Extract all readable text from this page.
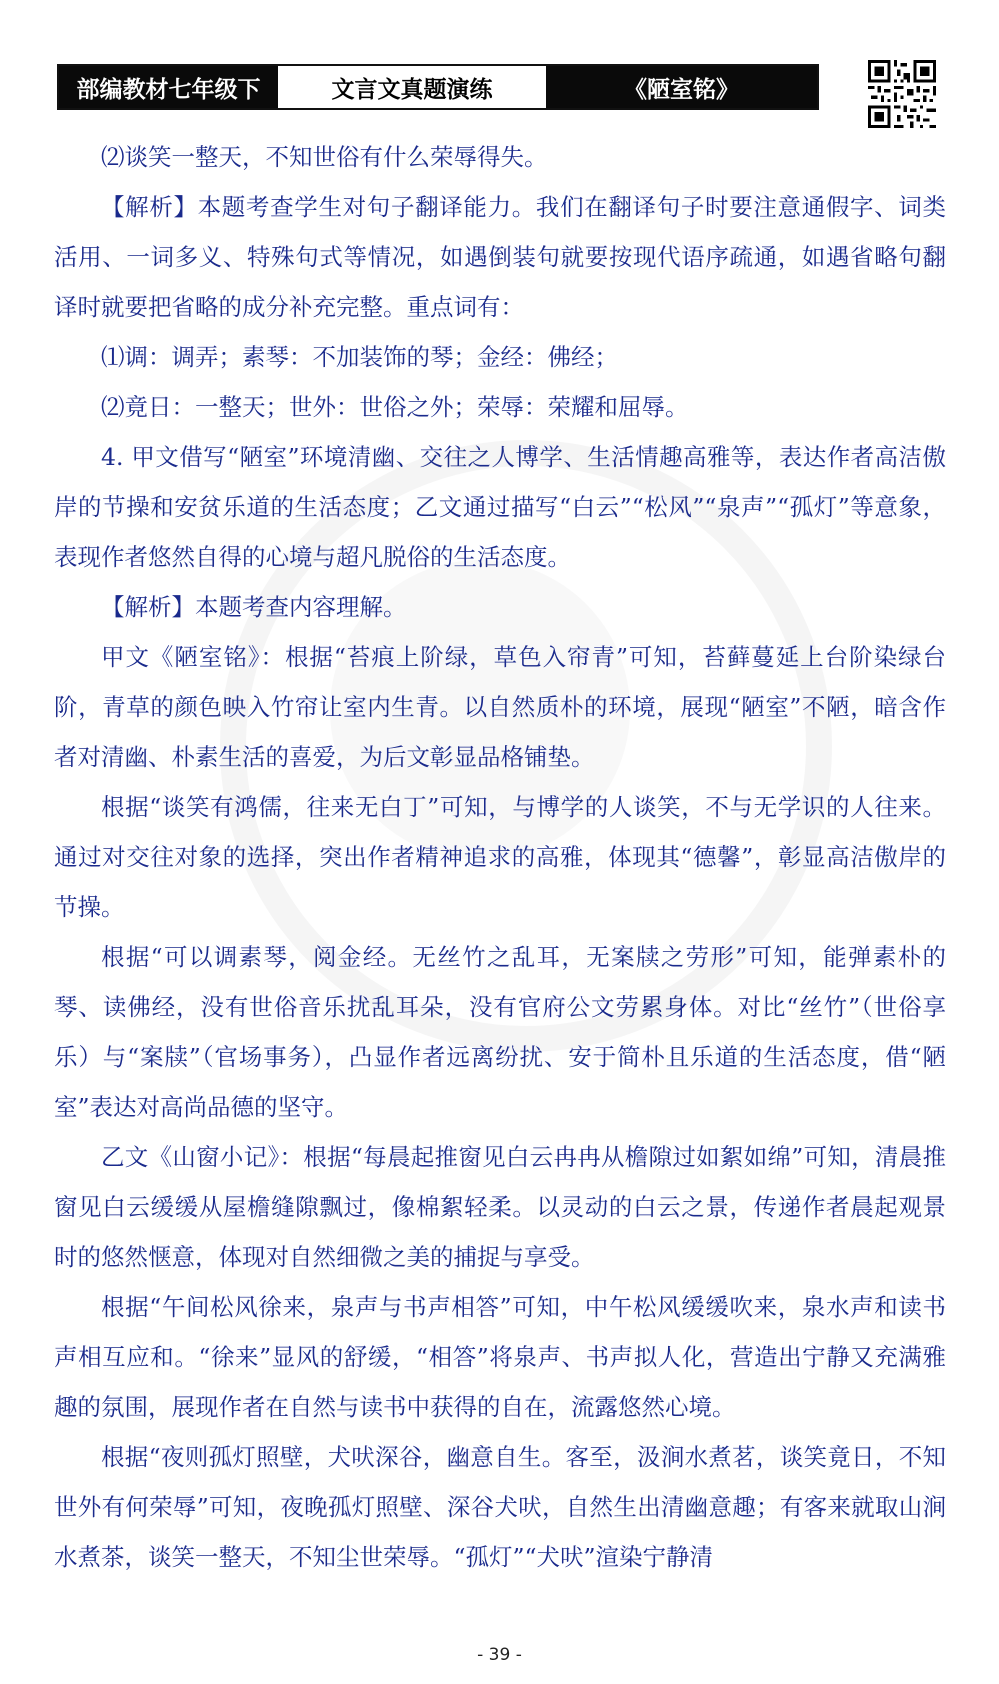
部编教材七年级下	文言文真题演练	《陋室铭》

⑵谈笑一整天，不知世俗有什么荣辱得失。

【解析】本题考查学生对句子翻译能力。我们在翻译句子时要注意通假字、词类活用、一词多义、特殊句式等情况，如遇倒装句就要按现代语序疏通，如遇省略句翻译时就要把省略的成分补充完整。重点词有：

⑴调：调弄；素琴：不加装饰的琴；金经：佛经；

⑵竟日：一整天；世外：世俗之外；荣辱：荣耀和屈辱。

4. 甲文借写“陋室”环境清幽、交往之人博学、生活情趣高雅等，表达作者高洁傲岸的节操和安贫乐道的生活态度；乙文通过描写“白云”“松风”“泉声”“孤灯”等意象，表现作者悠然自得的心境与超凡脱俗的生活态度。

【解析】本题考查内容理解。

甲文《陋室铭》：根据“苔痕上阶绿，草色入帘青”可知，苔藓蔓延上台阶染绿台阶，青草的颜色映入竹帘让室内生青。以自然质朴的环境，展现“陋室”不陋，暗含作者对清幽、朴素生活的喜爱，为后文彰显品格铺垫。

根据“谈笑有鸿儒，往来无白丁”可知，与博学的人谈笑，不与无学识的人往来。通过对交往对象的选择，突出作者精神追求的高雅，体现其“德馨”，彰显高洁傲岸的节操。

根据“可以调素琴，阅金经。无丝竹之乱耳，无案牍之劳形”可知，能弹素朴的琴、读佛经，没有世俗音乐扰乱耳朵，没有官府公文劳累身体。对比“丝竹”（世俗享乐）与“案牍”（官场事务），凸显作者远离纷扰、安于简朴且乐道的生活态度，借“陋室”表达对高尚品德的坚守。

乙文《山窗小记》：根据“每晨起推窗见白云冉冉从檐隙过如絮如绵”可知，清晨推窗见白云缓缓从屋檐缝隙飘过，像棉絮轻柔。以灵动的白云之景，传递作者晨起观景时的悠然惬意，体现对自然细微之美的捕捉与享受。

根据“午间松风徐来，泉声与书声相答”可知，中午松风缓缓吹来，泉水声和读书声相互应和。“徐来”显风的舒缓，“相答”将泉声、书声拟人化，营造出宁静又充满雅趣的氛围，展现作者在自然与读书中获得的自在，流露悠然心境。

根据“夜则孤灯照壁，犬吠深谷，幽意自生。客至，汲涧水煮茗，谈笑竟日，不知世外有何荣辱”可知，夜晚孤灯照壁、深谷犬吠，自然生出清幽意趣；有客来就取山涧水煮茶，谈笑一整天，不知尘世荣辱。“孤灯”“犬吠”渲染宁静清

- 39 -
